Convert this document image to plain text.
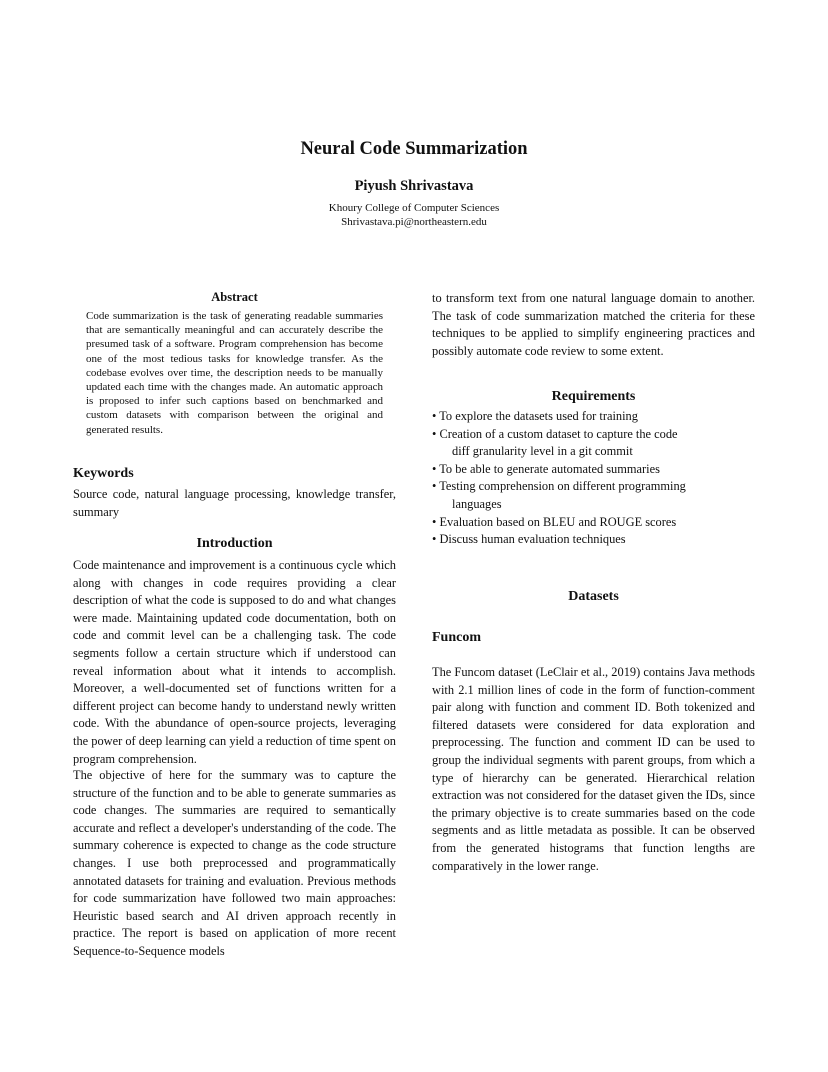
Neural Code Summarization
Piyush Shrivastava
Khoury College of Computer Sciences
Shrivastava.pi@northeastern.edu
Abstract

Code summarization is the task of generating readable summaries that are semantically meaningful and can accurately describe the presumed task of a software. Program comprehension has become one of the most tedious tasks for knowledge transfer. As the codebase evolves over time, the description needs to be manually updated each time with the changes made. An automatic approach is proposed to infer such captions based on benchmarked and custom datasets with comparison between the original and generated results.

Keywords

Source code, natural language processing, knowledge transfer, summary

Introduction

Code maintenance and improvement is a continuous cycle which along with changes in code requires providing a clear description of what the code is supposed to do and what changes were made. Maintaining updated code documentation, both on code and commit level can be a challenging task. The code segments follow a certain structure which if understood can reveal information about what it intends to accomplish. Moreover, a well-documented set of functions written for a different project can become handy to understand newly written code. With the abundance of open-source projects, leveraging the power of deep learning can yield a reduction of time spent on program comprehension.

The objective of here for the summary was to capture the structure of the function and to be able to generate summaries as code changes. The summaries are required to semantically accurate and reflect a developer's understanding of the code. The summary coherence is expected to change as the code structure changes. I use both preprocessed and programmatically annotated datasets for training and evaluation. Previous methods for code summarization have followed two main approaches: Heuristic based search and AI driven approach recently in practice. The report is based on application of more recent Sequence-to-Sequence models

to transform text from one natural language domain to another. The task of code summarization matched the criteria for these techniques to be applied to simplify engineering practices and possibly automate code review to some extent.

Requirements
• To explore the datasets used for training
• Creation of a custom dataset to capture the code
diff granularity level in a git commit
• To be able to generate automated summaries
• Testing comprehension on different programming
languages
• Evaluation based on BLEU and ROUGE scores
• Discuss human evaluation techniques
Datasets
Funcom

The Funcom dataset (LeClair et al., 2019) contains Java methods with 2.1 million lines of code in the form of function-comment pair along with function and comment ID. Both tokenized and filtered datasets were considered for data exploration and preprocessing. The function and comment ID can be used to group the individual segments with parent groups, from which a type of hierarchy can be generated. Hierarchical relation extraction was not considered for the dataset given the IDs, since the primary objective is to create summaries based on the code segments and as little metadata as possible. It can be observed from the generated histograms that function lengths are comparatively in the lower range.
